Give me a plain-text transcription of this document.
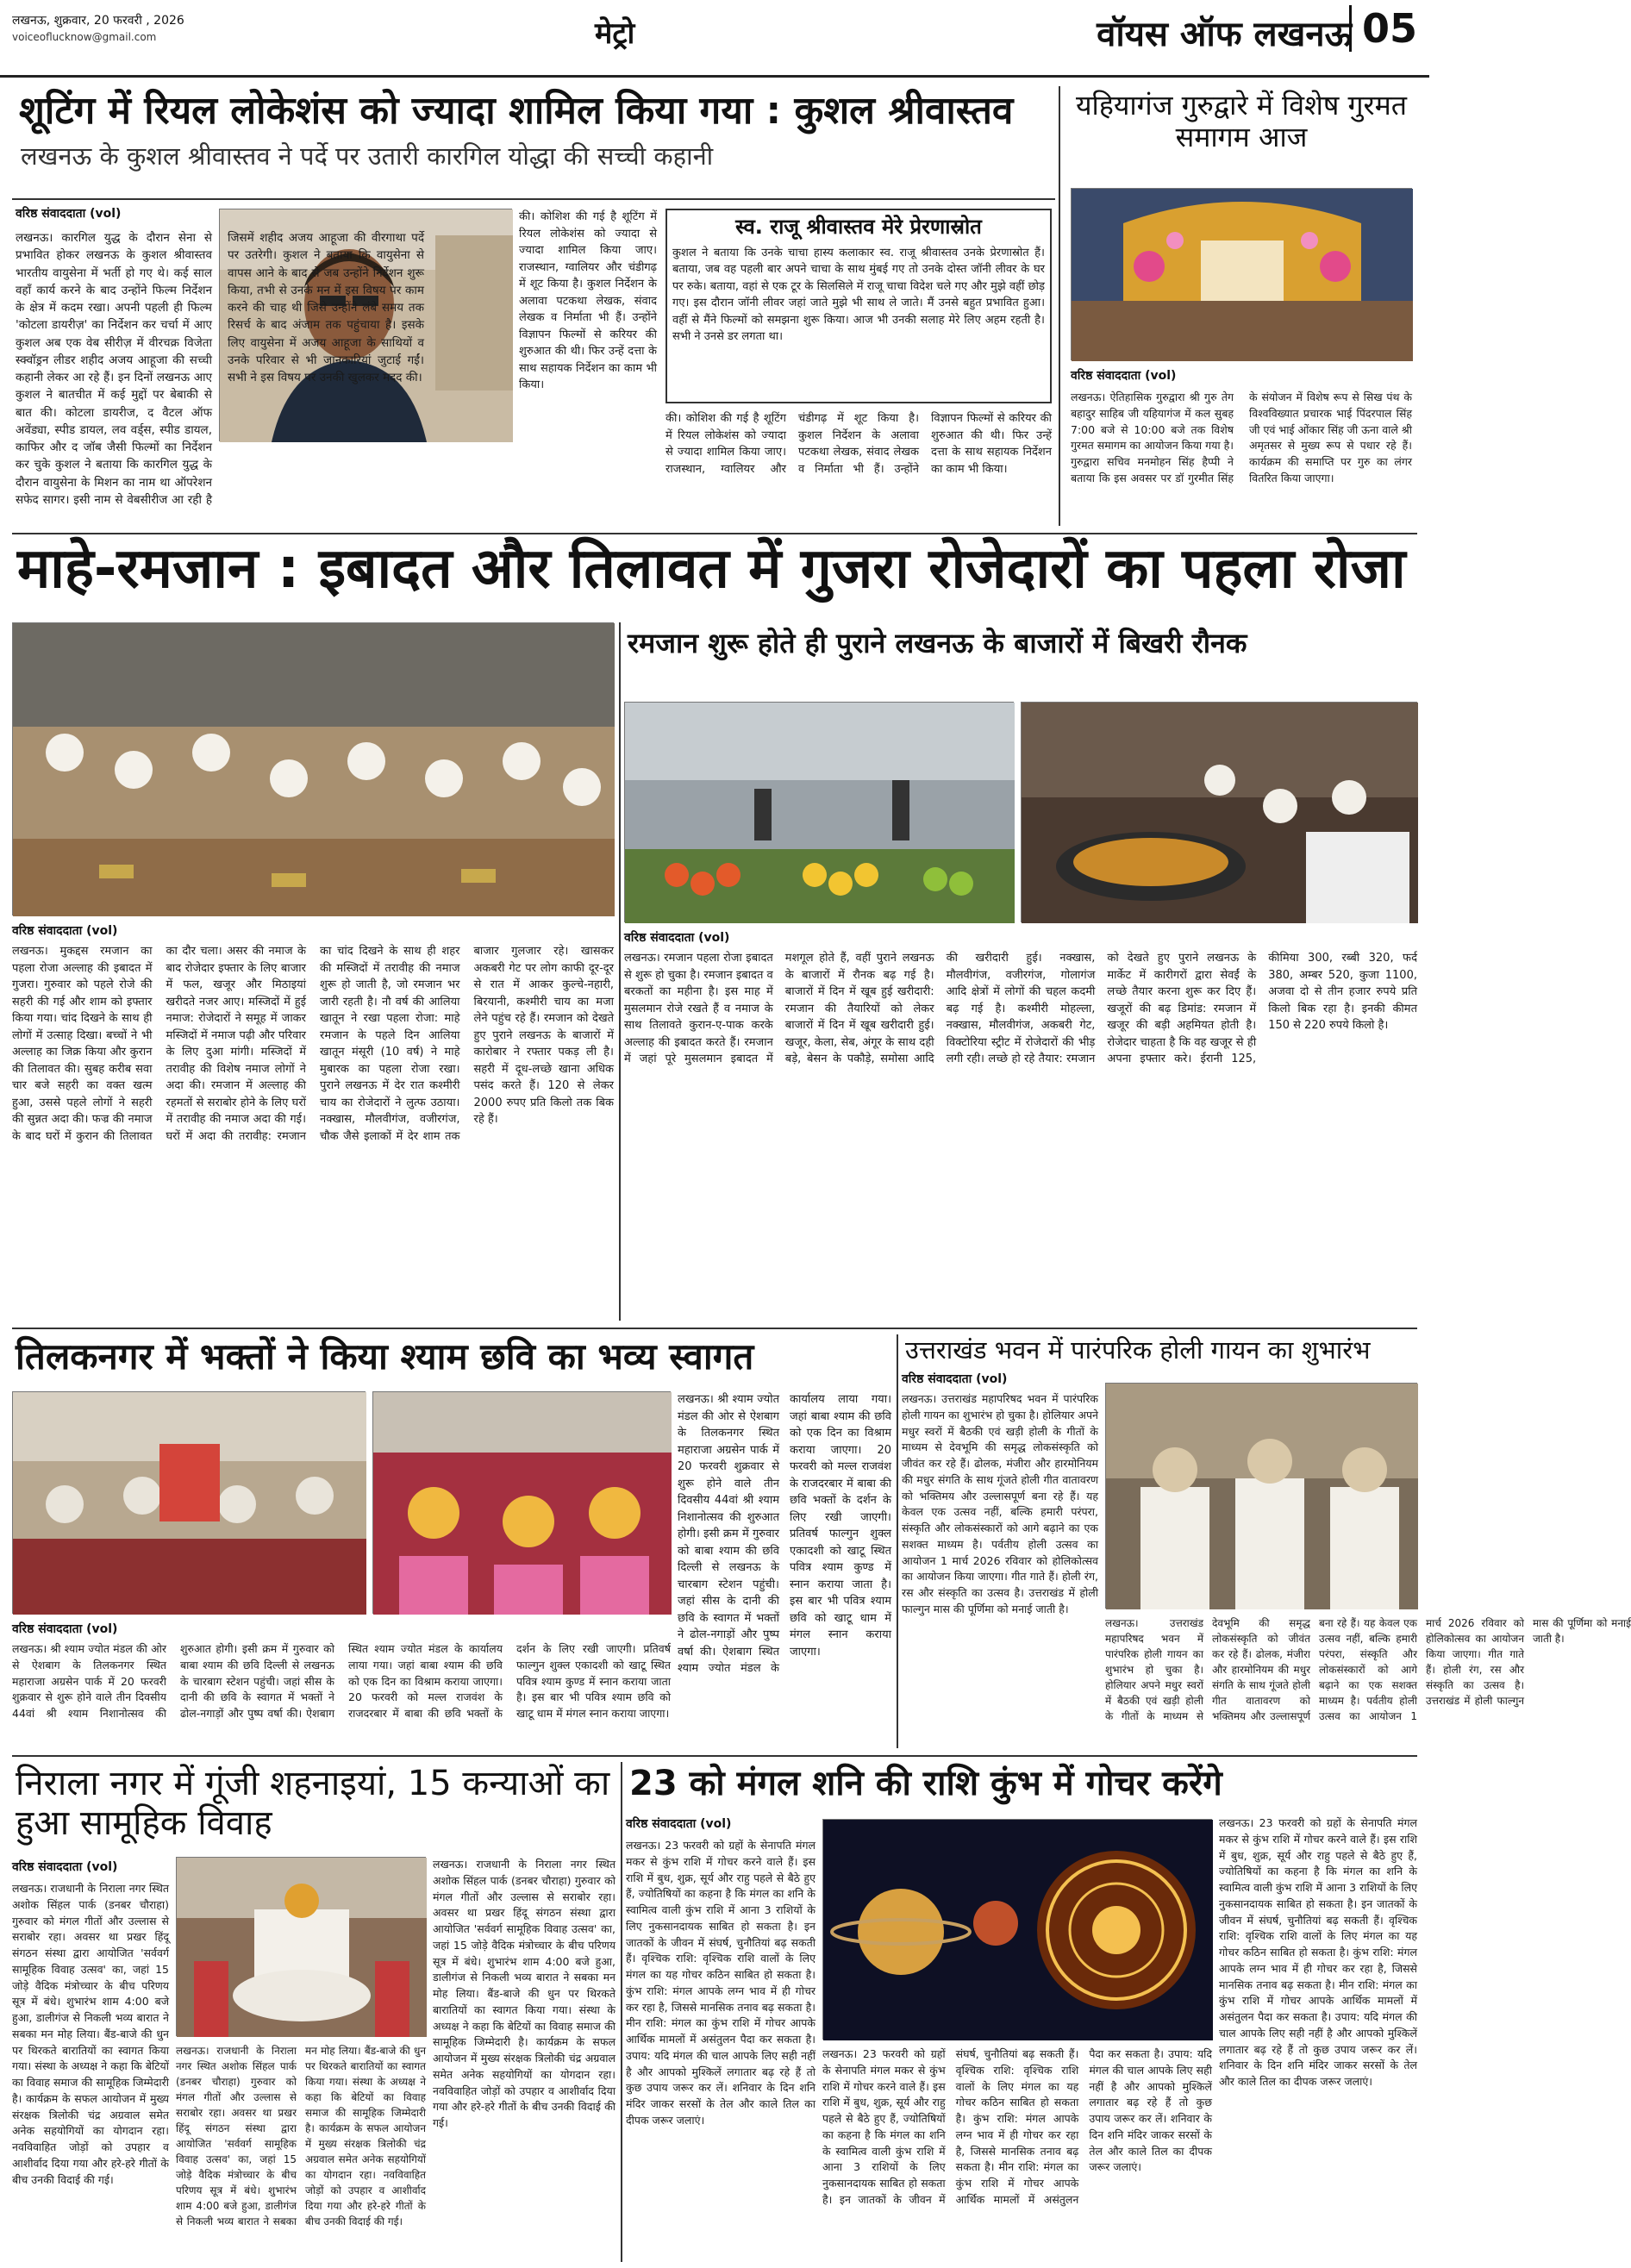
लखनऊ, शुक्रवार, 20 फरवरी , 2026
voiceoflucknow@gmail.com	मेट्रो	वॉयस ऑफ लखनऊ 05
शूटिंग में रियल लोकेशंस को ज्यादा शामिल किया गया : कुशल श्रीवास्तव
लखनऊ के कुशल श्रीवास्तव ने पर्दे पर उतारी कारगिल योद्धा की सच्ची कहानी
वरिष्ठ संवाददाता (vol)
लखनऊ। कारगिल युद्ध के दौरान सेना से प्रभावित होकर लखनऊ के कुशल श्रीवास्तव भारतीय वायुसेना में भर्ती हो गए थे। कई साल वहाँ कार्य करने के बाद उन्होंने फिल्म निर्देशन के क्षेत्र में कदम रखा। अपनी पहली ही फिल्म 'कोटला डायरीज़' का निर्देशन कर चर्चा में आए कुशल अब एक वेब सीरीज़ में वीरचक्र विजेता स्क्वॉड्रन लीडर शहीद अजय आहूजा की सच्ची कहानी लेकर आ रहे हैं। इन दिनों लखनऊ आए कुशल ने बातचीत में कई मुद्दों पर बेबाकी से बात की। कोटला डायरीज, द वैटल ऑफ अवेंड्या, स्पीड डायल, लव वर्ड्स, स्पीड डायल, काफिर और द जॉब जैसी फिल्मों का निर्देशन कर चुके कुशल ने बताया कि कारगिल युद्ध के दौरान वायुसेना के मिशन का नाम था ऑपरेशन सफेद सागर। इसी नाम से वेबसीरीज आ रही है
की। कोशिश की गई है शूटिंग में रियल लोकेशंस को ज्यादा से ज्यादा शामिल किया जाए। राजस्थान, ग्वालियर और चंडीगढ़ में शूट किया है। कुशल निर्देशन के अलावा पटकथा लेखक, संवाद लेखक व निर्माता भी हैं। उन्होंने विज्ञापन फिल्मों से करियर की शुरुआत की थी। फिर उन्हें दत्ता के साथ सहायक निर्देशन का काम भी किया।
स्व. राजू श्रीवास्तव मेरे प्रेरणास्रोत
कुशल ने बताया कि उनके चाचा हास्य कलाकार स्व. राजू श्रीवास्तव उनके प्रेरणास्रोत हैं। बताया, जब वह पहली बार अपने चाचा के साथ मुंबई गए तो उनके दोस्त जॉनी लीवर के घर पर रुके। बताया, वहां से एक टूर के सिलसिले में राजू चाचा विदेश चले गए और मुझे वहीं छोड़ गए। इस दौरान जॉनी लीवर जहां जाते मुझे भी साथ ले जाते। मैं उनसे बहुत प्रभावित हुआ। वहीं से मैंने फिल्मों को समझना शुरू किया। आज भी उनकी सलाह मेरे लिए अहम रहती है। सभी ने उनसे डर लगता था।
की। कोशिश की गई है शूटिंग में रियल लोकेशंस को ज्यादा से ज्यादा शामिल किया जाए। राजस्थान, ग्वालियर और चंडीगढ़ में शूट किया है। कुशल निर्देशन के अलावा पटकथा लेखक, संवाद लेखक व निर्माता भी हैं। उन्होंने विज्ञापन फिल्मों से करियर की शुरुआत की थी। फिर उन्हें दत्ता के साथ सहायक निर्देशन का काम भी किया।
यहियागंज गुरुद्वारे में विशेष गुरमत समागम आज
वरिष्ठ संवाददाता (vol)
लखनऊ। ऐतिहासिक गुरुद्वारा श्री गुरु तेग बहादुर साहिब जी यहियागंज में कल सुबह 7:00 बजे से 10:00 बजे तक विशेष गुरमत समागम का आयोजन किया गया है। गुरुद्वारा सचिव मनमोहन सिंह हैप्पी ने बताया कि इस अवसर पर डॉ गुरमीत सिंह के संयोजन में विशेष रूप से सिख पंथ के विश्वविख्यात प्रचारक भाई पिंदरपाल सिंह जी एवं भाई ओंकार सिंह जी ऊना वाले श्री अमृतसर से मुख्य रूप से पधार रहे हैं। कार्यक्रम की समाप्ति पर गुरु का लंगर वितरित किया जाएगा।
माहे-रमजान : इबादत और तिलावत में गुजरा रोजेदारों का पहला रोजा
वरिष्ठ संवाददाता (vol)
लखनऊ। मुकद्दस रमजान का पहला रोजा अल्लाह की इबादत में गुजरा। गुरुवार को पहले रोजे की सहरी की गई और शाम को इफ्तार किया गया। चांद दिखने के साथ ही लोगों में उत्साह दिखा। बच्चों ने भी अल्लाह का जिक्र किया और कुरान की तिलावत की। सुबह करीब सवा चार बजे सहरी का वक्त खत्म हुआ, उससे पहले लोगों ने सहरी की सुन्नत अदा की। फज्र की नमाज के बाद घरों में कुरान की तिलावत का दौर चला। असर की नमाज के बाद रोजेदार इफ्तार के लिए बाजार में फल, खजूर और मिठाइयां खरीदते नजर आए। मस्जिदों में हुई नमाज: रोजेदारों ने समूह में जाकर मस्जिदों में नमाज पढ़ी और परिवार के लिए दुआ मांगी। मस्जिदों में तरावीह की विशेष नमाज लोगों ने अदा की। रमजान में अल्लाह की रहमतों से सराबोर होने के लिए घरों में तरावीह की नमाज अदा की गई। घरों में अदा की तरावीह: रमजान का चांद दिखने के साथ ही शहर की मस्जिदों में तरावीह की नमाज शुरू हो जाती है, जो रमजान भर जारी रहती है। नौ वर्ष की आलिया खातून ने रखा पहला रोजा: माहे रमजान के पहले दिन आलिया खातून मंसूरी (10 वर्ष) ने माहे मुबारक का पहला रोजा रखा। पुराने लखनऊ में देर रात कश्मीरी चाय का रोजेदारों ने लुत्फ उठाया। नक्खास, मौलवीगंज, वजीरगंज, चौक जैसे इलाकों में देर शाम तक बाजार गुलजार रहे। खासकर अकबरी गेट पर लोग काफी दूर-दूर से रात में आकर कुल्चे-नहारी, बिरयानी, कश्मीरी चाय का मजा लेने पहुंच रहे हैं। रमजान को देखते हुए पुराने लखनऊ के बाजारों में कारोबार ने रफ्तार पकड़ ली है। सहरी में दूध-लच्छे खाना अधिक पसंद करते हैं। 120 से लेकर 2000 रुपए प्रति किलो तक बिक रहे हैं।
रमजान शुरू होते ही पुराने लखनऊ के बाजारों में बिखरी रौनक
वरिष्ठ संवाददाता (vol)
लखनऊ। रमजान पहला रोजा इबादत से शुरू हो चुका है। रमजान इबादत व बरकतों का महीना है। इस माह में मुसलमान रोजे रखते हैं व नमाज के साथ तिलावते कुरान-ए-पाक करके अल्लाह की इबादत करते हैं। रमजान में जहां पूरे मुसलमान इबादत में मशगूल होते हैं, वहीं पुराने लखनऊ के बाजारों में रौनक बढ़ गई है। बाजारों में दिन में खूब हुई खरीदारी: रमजान की तैयारियों को लेकर बाजारों में दिन में खूब खरीदारी हुई। खजूर, केला, सेब, अंगूर के साथ दही बड़े, बेसन के पकौड़े, समोसा आदि की खरीदारी हुई। नक्खास, मौलवीगंज, वजीरगंज, गोलागंज आदि क्षेत्रों में लोगों की चहल कदमी बढ़ गई है। कश्मीरी मोहल्ला, नक्खास, मौलवीगंज, अकबरी गेट, विक्टोरिया स्ट्रीट में रोजेदारों की भीड़ लगी रही। लच्छे हो रहे तैयार: रमजान को देखते हुए पुराने लखनऊ के मार्केट में कारीगरों द्वारा सेवईं के लच्छे तैयार करना शुरू कर दिए हैं। खजूरों की बढ़ डिमांड: रमजान में खजूर की बड़ी अहमियत होती है। रोजेदार चाहता है कि वह खजूर से ही अपना इफ्तार करे। ईरानी 125, कीमिया 300, रब्बी 320, फर्द 380, अम्बर 520, कुजा 1100, अजवा दो से तीन हजार रुपये प्रति किलो बिक रहा है। इनकी कीमत 150 से 220 रुपये किलो है।
तिलकनगर में भक्तों ने किया श्याम छवि का भव्य स्वागत
लखनऊ। श्री श्याम ज्योत मंडल की ओर से ऐशबाग के तिलकनगर स्थित महाराजा अग्रसेन पार्क में 20 फरवरी शुक्रवार से शुरू होने वाले तीन दिवसीय 44वां श्री श्याम निशानोत्सव की शुरुआत होगी। इसी क्रम में गुरुवार को बाबा श्याम की छवि दिल्ली से लखनऊ के चारबाग स्टेशन पहुंची। जहां सीस के दानी की छवि के स्वागत में भक्तों ने ढोल-नगाड़ों और पुष्प वर्षा की। ऐशबाग स्थित श्याम ज्योत मंडल के कार्यालय लाया गया। जहां बाबा श्याम की छवि को एक दिन का विश्राम कराया जाएगा। 20 फरवरी को मल्ल राजवंश के राजदरबार में बाबा की छवि भक्तों के दर्शन के लिए रखी जाएगी। प्रतिवर्ष फाल्गुन शुक्ल एकादशी को खाटू स्थित पवित्र श्याम कुण्ड में स्नान कराया जाता है। इस बार भी पवित्र श्याम छवि को खाटू धाम में मंगल स्नान कराया जाएगा।
वरिष्ठ संवाददाता (vol)
लखनऊ। श्री श्याम ज्योत मंडल की ओर से ऐशबाग के तिलकनगर स्थित महाराजा अग्रसेन पार्क में 20 फरवरी शुक्रवार से शुरू होने वाले तीन दिवसीय 44वां श्री श्याम निशानोत्सव की शुरुआत होगी। इसी क्रम में गुरुवार को बाबा श्याम की छवि दिल्ली से लखनऊ के चारबाग स्टेशन पहुंची। जहां सीस के दानी की छवि के स्वागत में भक्तों ने ढोल-नगाड़ों और पुष्प वर्षा की। ऐशबाग स्थित श्याम ज्योत मंडल के कार्यालय लाया गया। जहां बाबा श्याम की छवि को एक दिन का विश्राम कराया जाएगा। 20 फरवरी को मल्ल राजवंश के राजदरबार में बाबा की छवि भक्तों के दर्शन के लिए रखी जाएगी। प्रतिवर्ष फाल्गुन शुक्ल एकादशी को खाटू स्थित पवित्र श्याम कुण्ड में स्नान कराया जाता है। इस बार भी पवित्र श्याम छवि को खाटू धाम में मंगल स्नान कराया जाएगा।
उत्तराखंड भवन में पारंपरिक होली गायन का शुभारंभ
वरिष्ठ संवाददाता (vol)
लखनऊ। उत्तराखंड महापरिषद भवन में पारंपरिक होली गायन का शुभारंभ हो चुका है। होलियार अपने मधुर स्वरों में बैठकी एवं खड़ी होली के गीतों के माध्यम से देवभूमि की समृद्ध लोकसंस्कृति को जीवंत कर रहे हैं। ढोलक, मंजीरा और हारमोनियम की मधुर संगति के साथ गूंजते होली गीत वातावरण को भक्तिमय और उल्लासपूर्ण बना रहे हैं। यह केवल एक उत्सव नहीं, बल्कि हमारी परंपरा, संस्कृति और लोकसंस्कारों को आगे बढ़ाने का एक सशक्त माध्यम है। पर्वतीय होली उत्सव का आयोजन 1 मार्च 2026 रविवार को होलिकोत्सव का आयोजन किया जाएगा। गीत गाते हैं। होली रंग, रस और संस्कृति का उत्सव है। उत्तराखंड में होली फाल्गुन मास की पूर्णिमा को मनाई जाती है।
लखनऊ। उत्तराखंड महापरिषद भवन में पारंपरिक होली गायन का शुभारंभ हो चुका है। होलियार अपने मधुर स्वरों में बैठकी एवं खड़ी होली के गीतों के माध्यम से देवभूमि की समृद्ध लोकसंस्कृति को जीवंत कर रहे हैं। ढोलक, मंजीरा और हारमोनियम की मधुर संगति के साथ गूंजते होली गीत वातावरण को भक्तिमय और उल्लासपूर्ण बना रहे हैं। यह केवल एक उत्सव नहीं, बल्कि हमारी परंपरा, संस्कृति और लोकसंस्कारों को आगे बढ़ाने का एक सशक्त माध्यम है। पर्वतीय होली उत्सव का आयोजन 1 मार्च 2026 रविवार को होलिकोत्सव का आयोजन किया जाएगा। गीत गाते हैं। होली रंग, रस और संस्कृति का उत्सव है। उत्तराखंड में होली फाल्गुन मास की पूर्णिमा को मनाई जाती है।
निराला नगर में गूंजी शहनाइयां, 15 कन्याओं का हुआ सामूहिक विवाह
वरिष्ठ संवाददाता (vol)
लखनऊ। राजधानी के निराला नगर स्थित अशोक सिंहल पार्क (डनबर चौराहा) गुरुवार को मंगल गीतों और उल्लास से सराबोर रहा। अवसर था प्रखर हिंदू संगठन संस्था द्वारा आयोजित 'सर्ववर्ग सामूहिक विवाह उत्सव' का, जहां 15 जोड़े वैदिक मंत्रोच्चार के बीच परिणय सूत्र में बंधे। शुभारंभ शाम 4:00 बजे हुआ, डालीगंज से निकली भव्य बारात ने सबका मन मोह लिया। बैंड-बाजे की धुन पर थिरकते बारातियों का स्वागत किया गया। संस्था के अध्यक्ष ने कहा कि बेटियों का विवाह समाज की सामूहिक जिम्मेदारी है। कार्यक्रम के सफल आयोजन में मुख्य संरक्षक त्रिलोकी चंद्र अग्रवाल समेत अनेक सहयोगियों का योगदान रहा। नवविवाहित जोड़ों को उपहार व आशीर्वाद दिया गया और हरे-हरे गीतों के बीच उनकी विदाई की गई।
लखनऊ। राजधानी के निराला नगर स्थित अशोक सिंहल पार्क (डनबर चौराहा) गुरुवार को मंगल गीतों और उल्लास से सराबोर रहा। अवसर था प्रखर हिंदू संगठन संस्था द्वारा आयोजित 'सर्ववर्ग सामूहिक विवाह उत्सव' का, जहां 15 जोड़े वैदिक मंत्रोच्चार के बीच परिणय सूत्र में बंधे। शुभारंभ शाम 4:00 बजे हुआ, डालीगंज से निकली भव्य बारात ने सबका मन मोह लिया। बैंड-बाजे की धुन पर थिरकते बारातियों का स्वागत किया गया। संस्था के अध्यक्ष ने कहा कि बेटियों का विवाह समाज की सामूहिक जिम्मेदारी है। कार्यक्रम के सफल आयोजन में मुख्य संरक्षक त्रिलोकी चंद्र अग्रवाल समेत अनेक सहयोगियों का योगदान रहा। नवविवाहित जोड़ों को उपहार व आशीर्वाद दिया गया और हरे-हरे गीतों के बीच उनकी विदाई की गई।
लखनऊ। राजधानी के निराला नगर स्थित अशोक सिंहल पार्क (डनबर चौराहा) गुरुवार को मंगल गीतों और उल्लास से सराबोर रहा। अवसर था प्रखर हिंदू संगठन संस्था द्वारा आयोजित 'सर्ववर्ग सामूहिक विवाह उत्सव' का, जहां 15 जोड़े वैदिक मंत्रोच्चार के बीच परिणय सूत्र में बंधे। शुभारंभ शाम 4:00 बजे हुआ, डालीगंज से निकली भव्य बारात ने सबका मन मोह लिया। बैंड-बाजे की धुन पर थिरकते बारातियों का स्वागत किया गया। संस्था के अध्यक्ष ने कहा कि बेटियों का विवाह समाज की सामूहिक जिम्मेदारी है। कार्यक्रम के सफल आयोजन में मुख्य संरक्षक त्रिलोकी चंद्र अग्रवाल समेत अनेक सहयोगियों का योगदान रहा। नवविवाहित जोड़ों को उपहार व आशीर्वाद दिया गया और हरे-हरे गीतों के बीच उनकी विदाई की गई।
23 को मंगल शनि की राशि कुंभ में गोचर करेंगे
वरिष्ठ संवाददाता (vol)
लखनऊ। 23 फरवरी को ग्रहों के सेनापति मंगल मकर से कुंभ राशि में गोचर करने वाले हैं। इस राशि में बुध, शुक्र, सूर्य और राहु पहले से बैठे हुए हैं, ज्योतिषियों का कहना है कि मंगल का शनि के स्वामित्व वाली कुंभ राशि में आना 3 राशियों के लिए नुकसानदायक साबित हो सकता है। इन जातकों के जीवन में संघर्ष, चुनौतियां बढ़ सकती हैं। वृश्चिक राशि: वृश्चिक राशि वालों के लिए मंगल का यह गोचर कठिन साबित हो सकता है। कुंभ राशि: मंगल आपके लग्न भाव में ही गोचर कर रहा है, जिससे मानसिक तनाव बढ़ सकता है। मीन राशि: मंगल का कुंभ राशि में गोचर आपके आर्थिक मामलों में असंतुलन पैदा कर सकता है। उपाय: यदि मंगल की चाल आपके लिए सही नहीं है और आपको मुश्किलें लगातार बढ़ रहे हैं तो कुछ उपाय जरूर कर लें। शनिवार के दिन शनि मंदिर जाकर सरसों के तेल और काले तिल का दीपक जरूर जलाएं।
लखनऊ। 23 फरवरी को ग्रहों के सेनापति मंगल मकर से कुंभ राशि में गोचर करने वाले हैं। इस राशि में बुध, शुक्र, सूर्य और राहु पहले से बैठे हुए हैं, ज्योतिषियों का कहना है कि मंगल का शनि के स्वामित्व वाली कुंभ राशि में आना 3 राशियों के लिए नुकसानदायक साबित हो सकता है। इन जातकों के जीवन में संघर्ष, चुनौतियां बढ़ सकती हैं। वृश्चिक राशि: वृश्चिक राशि वालों के लिए मंगल का यह गोचर कठिन साबित हो सकता है। कुंभ राशि: मंगल आपके लग्न भाव में ही गोचर कर रहा है, जिससे मानसिक तनाव बढ़ सकता है। मीन राशि: मंगल का कुंभ राशि में गोचर आपके आर्थिक मामलों में असंतुलन पैदा कर सकता है। उपाय: यदि मंगल की चाल आपके लिए सही नहीं है और आपको मुश्किलें लगातार बढ़ रहे हैं तो कुछ उपाय जरूर कर लें। शनिवार के दिन शनि मंदिर जाकर सरसों के तेल और काले तिल का दीपक जरूर जलाएं।
लखनऊ। 23 फरवरी को ग्रहों के सेनापति मंगल मकर से कुंभ राशि में गोचर करने वाले हैं। इस राशि में बुध, शुक्र, सूर्य और राहु पहले से बैठे हुए हैं, ज्योतिषियों का कहना है कि मंगल का शनि के स्वामित्व वाली कुंभ राशि में आना 3 राशियों के लिए नुकसानदायक साबित हो सकता है। इन जातकों के जीवन में संघर्ष, चुनौतियां बढ़ सकती हैं। वृश्चिक राशि: वृश्चिक राशि वालों के लिए मंगल का यह गोचर कठिन साबित हो सकता है। कुंभ राशि: मंगल आपके लग्न भाव में ही गोचर कर रहा है, जिससे मानसिक तनाव बढ़ सकता है। मीन राशि: मंगल का कुंभ राशि में गोचर आपके आर्थिक मामलों में असंतुलन पैदा कर सकता है। उपाय: यदि मंगल की चाल आपके लिए सही नहीं है और आपको मुश्किलें लगातार बढ़ रहे हैं तो कुछ उपाय जरूर कर लें। शनिवार के दिन शनि मंदिर जाकर सरसों के तेल और काले तिल का दीपक जरूर जलाएं।
